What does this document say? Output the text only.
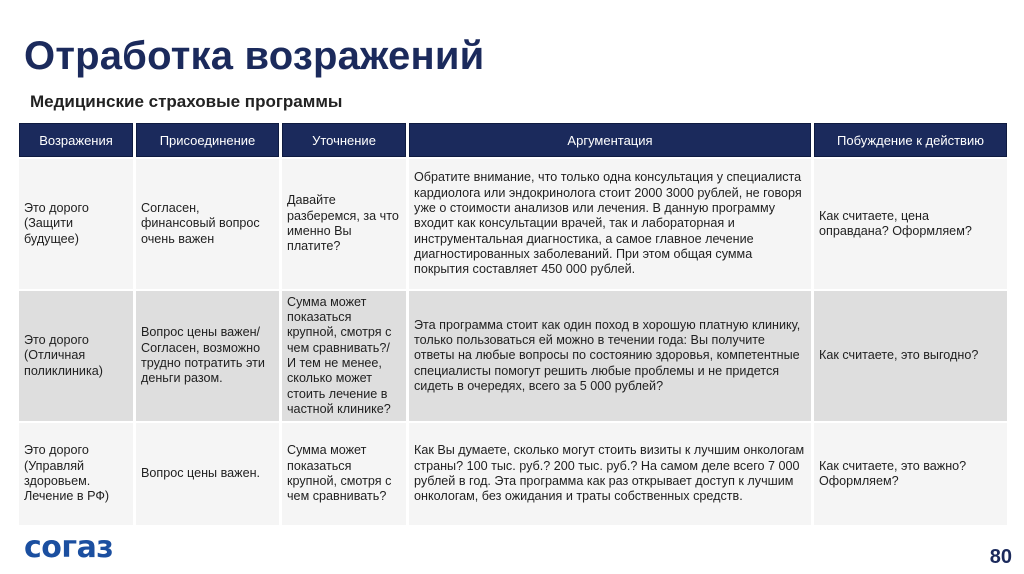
Отработка возражений
Медицинские страховые программы
Возражения	Присоединение	Уточнение	Аргументация	Побуждение к действию
Это дорого (Защити будущее)	Согласен, финансовый вопрос очень важен	Давайте разберемся, за что именно Вы платите?	Обратите внимание, что только одна консультация у специалиста кардиолога или эндокринолога стоит 2000 3000 рублей, не говоря уже о стоимости анализов или лечения. В данную программу входит как консультации врачей, так и лабораторная и инструментальная диагностика, а самое главное лечение диагностированных заболеваний. При этом общая сумма покрытия составляет 450 000 рублей.	Как считаете, цена оправдана? Оформляем?
Это дорого (Отличная поликлиника)	Вопрос цены важен/ Согласен, возможно трудно потратить эти деньги разом.	Сумма может показаться крупной, смотря с чем сравнивать?/ И тем не менее, сколько может стоить лечение в частной клинике?	Эта программа стоит как один поход в хорошую платную клинику, только пользоваться ей можно в течении года: Вы получите ответы на любые вопросы по состоянию здоровья, компетентные специалисты помогут решить любые проблемы и не придется сидеть в очередях, всего за 5 000 рублей?	Как считаете, это выгодно?
Это дорого (Управляй здоровьем. Лечение в РФ)	Вопрос цены важен.	Сумма может показаться крупной, смотря с чем сравнивать?	Как Вы думаете, сколько могут стоить визиты к лучшим онкологам страны? 100 тыс. руб.? 200 тыс. руб.? На самом деле всего 7 000 рублей в год. Эта программа как раз открывает доступ к лучшим онкологам, без ожидания и траты собственных средств.	Как считаете, это важно? Оформляем?
согаз	80
